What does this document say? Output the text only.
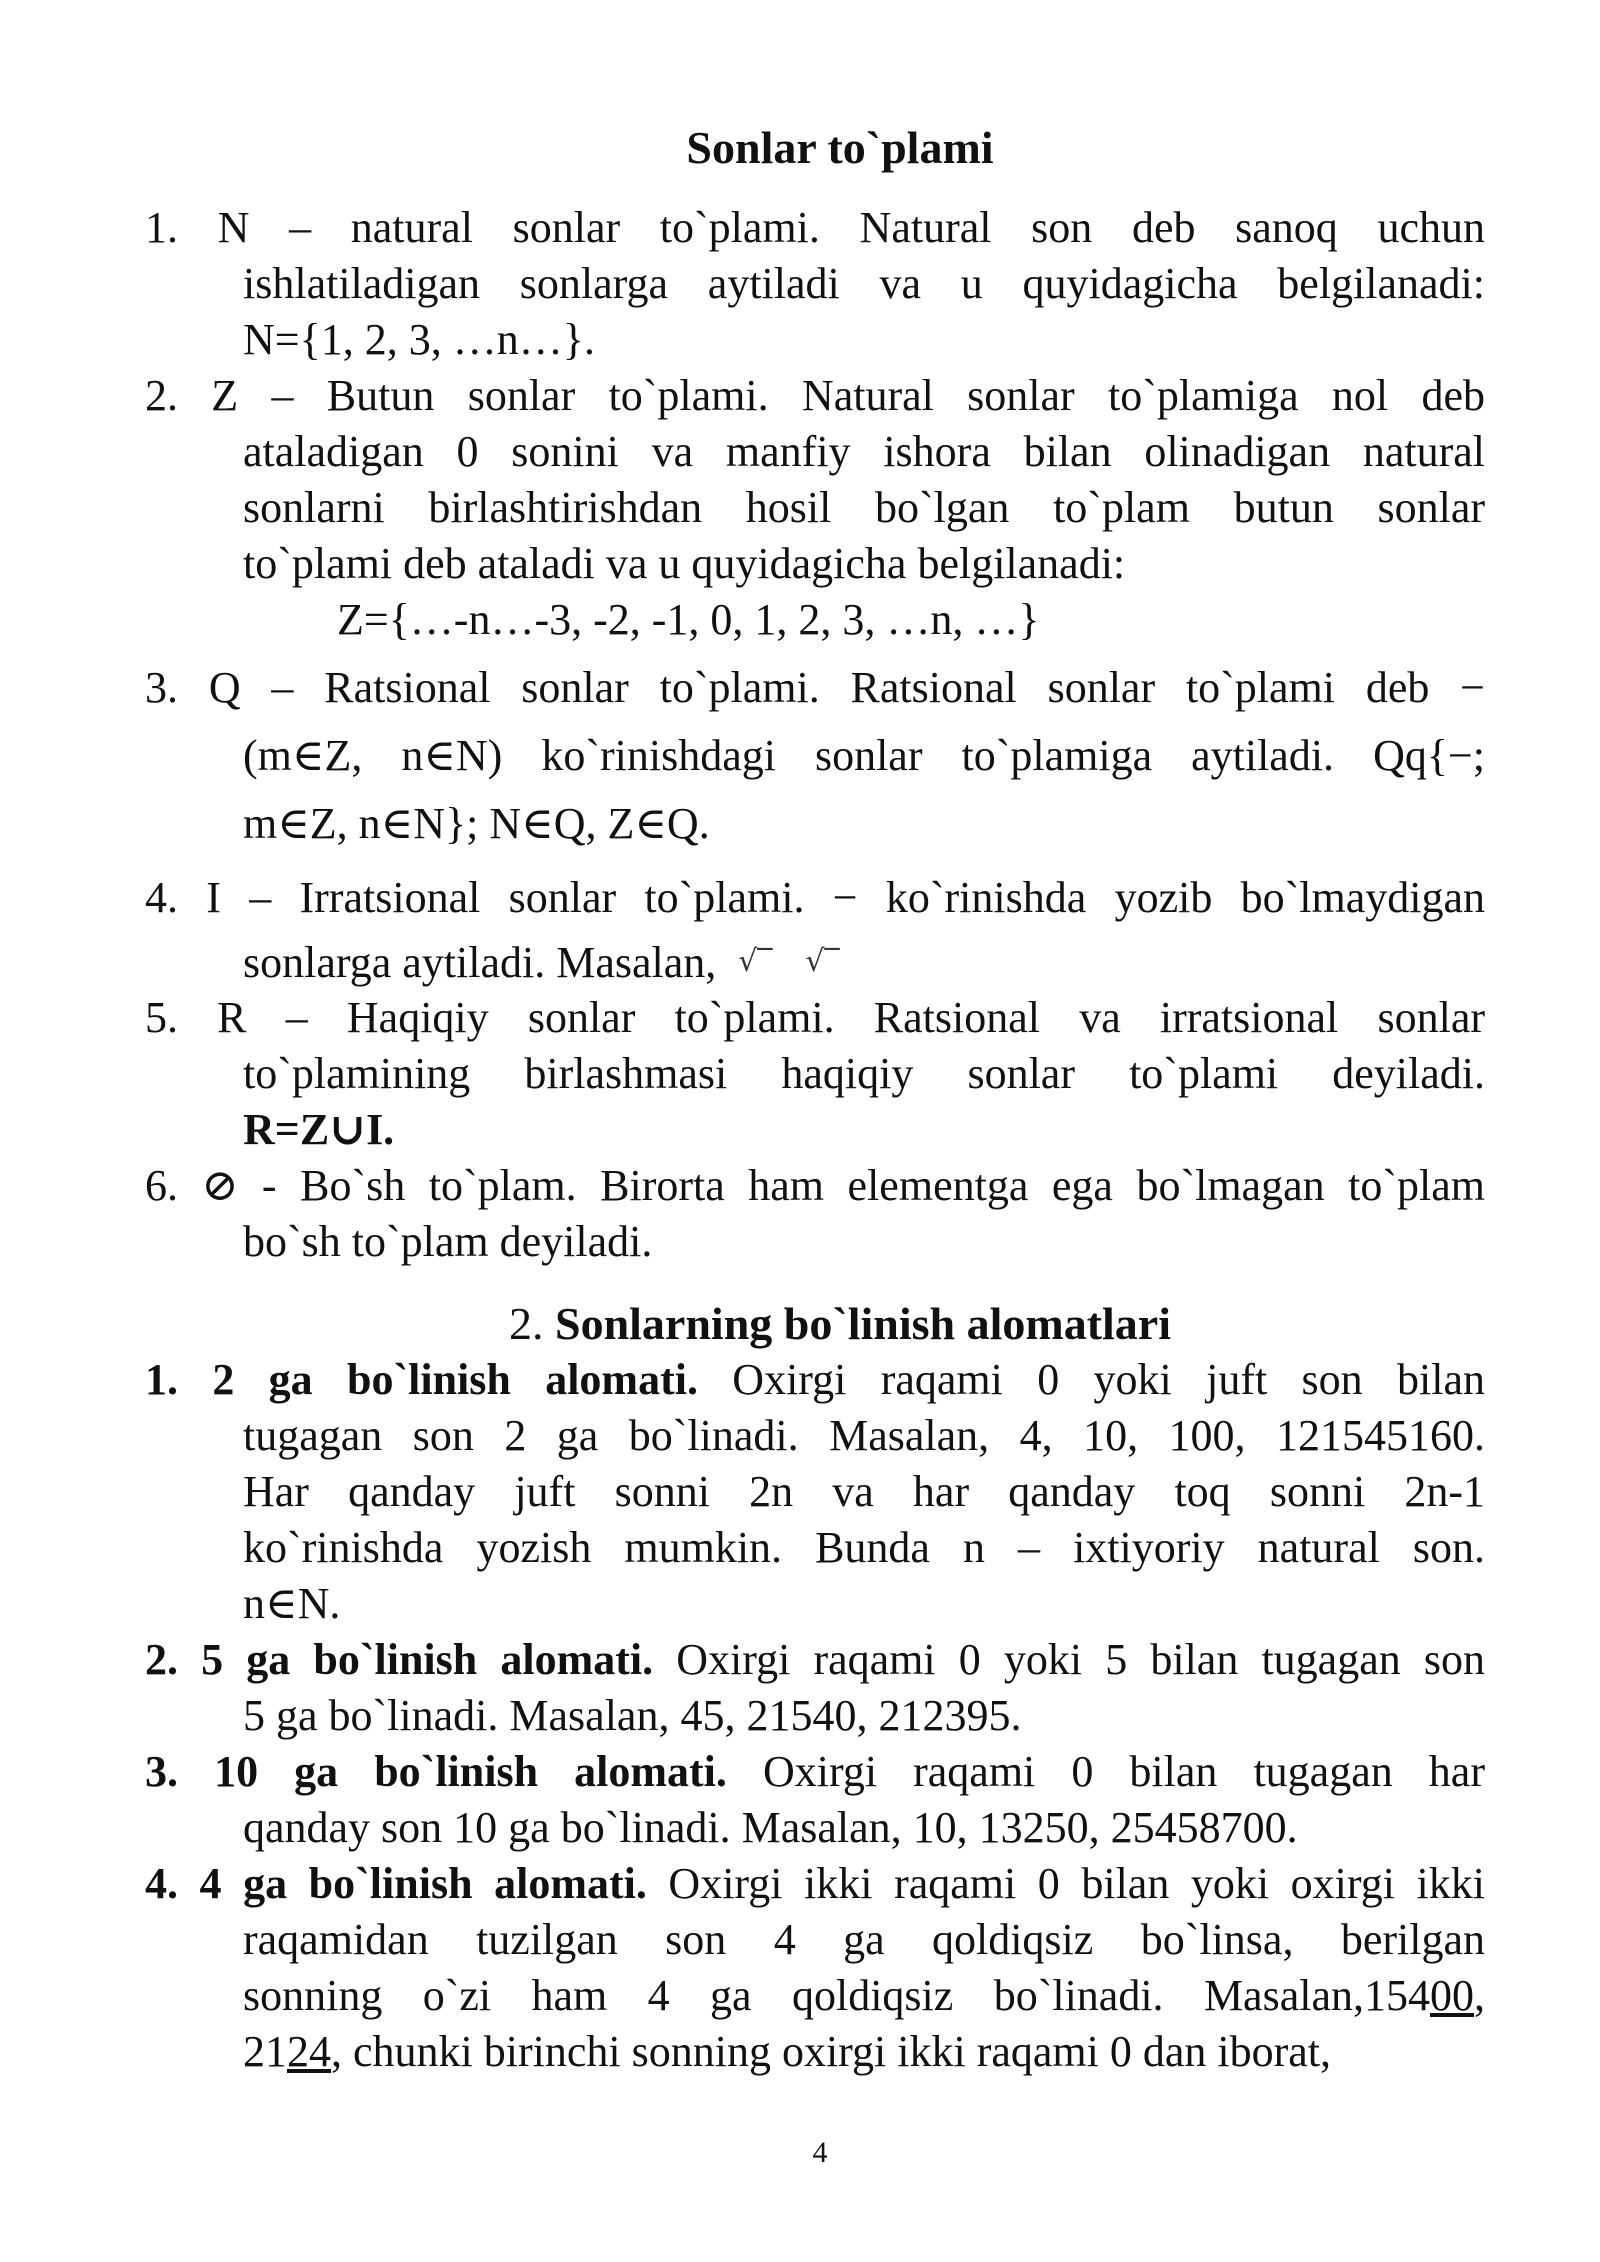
Sonlar to`plami
1. N – natural sonlar to`plami. Natural son deb sanoq uchun
ishlatiladigan sonlarga aytiladi va u quyidagicha belgilanadi:
N={1, 2, 3, …n…}.
2. Z – Butun sonlar to`plami. Natural sonlar to`plamiga nol deb
ataladigan 0 sonini va manfiy ishora bilan olinadigan natural
sonlarni birlashtirishdan hosil bo`lgan to`plam butun sonlar
to`plami deb ataladi va u quyidagicha belgilanadi:
Z={…-n…-3, -2, -1, 0, 1, 2, 3, …n, …}
3. Q – Ratsional sonlar to`plami. Ratsional sonlar to`plami deb −
(m∈Z, n∈N) ko`rinishdagi sonlar to`plamiga aytiladi. Qq{−;
m∈Z, n∈N}; N∈Q, Z∈Q.
4. I – Irratsional sonlar to`plami. − ko`rinishda yozib bo`lmaydigan
sonlarga aytiladi. Masalan, √‾ √‾
5. R – Haqiqiy sonlar to`plami. Ratsional va irratsional sonlar
to`plamining birlashmasi haqiqiy sonlar to`plami deyiladi.
R=Z∪I.
6. ⊘ - Bo`sh to`plam. Birorta ham elementga ega bo`lmagan to`plam
bo`sh to`plam deyiladi.
2. Sonlarning bo`linish alomatlari
1. 2 ga bo`linish alomati. Oxirgi raqami 0 yoki juft son bilan
tugagan son 2 ga bo`linadi. Masalan, 4, 10, 100, 121545160.
Har qanday juft sonni 2n va har qanday toq sonni 2n-1
ko`rinishda yozish mumkin. Bunda n – ixtiyoriy natural son.
n∈N.
2. 5 ga bo`linish alomati. Oxirgi raqami 0 yoki 5 bilan tugagan son
5 ga bo`linadi. Masalan, 45, 21540, 212395.
3. 10 ga bo`linish alomati. Oxirgi raqami 0 bilan tugagan har
qanday son 10 ga bo`linadi. Masalan, 10, 13250, 25458700.
4. 4 ga bo`linish alomati. Oxirgi ikki raqami 0 bilan yoki oxirgi ikki
raqamidan tuzilgan son 4 ga qoldiqsiz bo`linsa, berilgan
sonning o`zi ham 4 ga qoldiqsiz bo`linadi. Masalan,15400,
2124, chunki birinchi sonning oxirgi ikki raqami 0 dan iborat,
4
